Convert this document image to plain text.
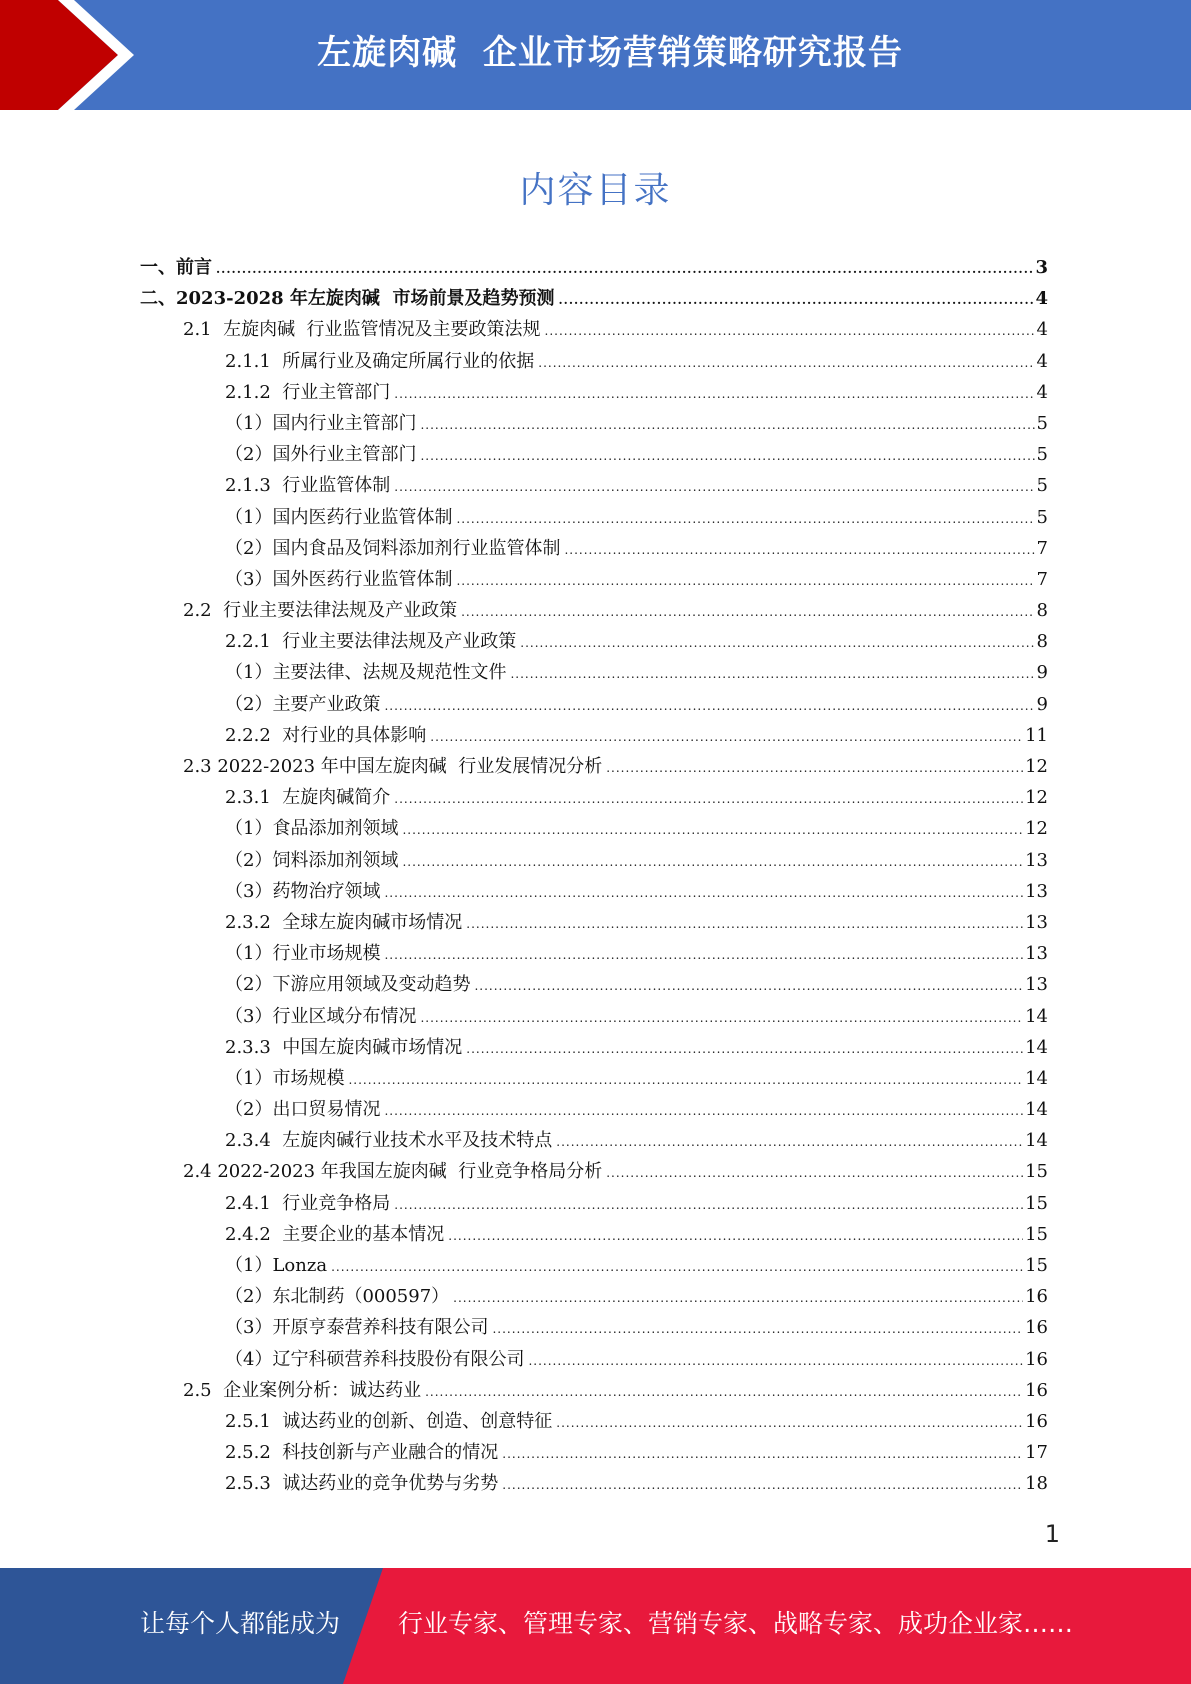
左旋肉碱  企业市场营销策略研究报告
内容目录
一、前言 .....	3
二、2023-2028 年左旋肉碱  市场前景及趋势预测 .....	4
2.1  左旋肉碱  行业监管情况及主要政策法规 .....	4
2.1.1  所属行业及确定所属行业的依据 .....	4
2.1.2  行业主管部门 .....	4
（1）国内行业主管部门 .....	5
（2）国外行业主管部门 .....	5
2.1.3  行业监管体制 .....	5
（1）国内医药行业监管体制 .....	5
（2）国内食品及饲料添加剂行业监管体制 .....	7
（3）国外医药行业监管体制 .....	7
2.2  行业主要法律法规及产业政策 .....	8
2.2.1  行业主要法律法规及产业政策 .....	8
（1）主要法律、法规及规范性文件 .....	9
（2）主要产业政策 .....	9
2.2.2  对行业的具体影响 .....	11
2.3 2022-2023 年中国左旋肉碱  行业发展情况分析 .....	12
2.3.1  左旋肉碱简介 .....	12
（1）食品添加剂领域 .....	12
（2）饲料添加剂领域 .....	13
（3）药物治疗领域 .....	13
2.3.2  全球左旋肉碱市场情况 .....	13
（1）行业市场规模 .....	13
（2）下游应用领域及变动趋势 .....	13
（3）行业区域分布情况 .....	14
2.3.3  中国左旋肉碱市场情况 .....	14
（1）市场规模 .....	14
（2）出口贸易情况 .....	14
2.3.4  左旋肉碱行业技术水平及技术特点 .....	14
2.4 2022-2023 年我国左旋肉碱  行业竞争格局分析 .....	15
2.4.1  行业竞争格局 .....	15
2.4.2  主要企业的基本情况 .....	15
（1）Lonza .....	15
（2）东北制药（000597） .....	16
（3）开原亨泰营养科技有限公司 .....	16
（4）辽宁科硕营养科技股份有限公司 .....	16
2.5  企业案例分析：诚达药业 .....	16
2.5.1  诚达药业的创新、创造、创意特征 .....	16
2.5.2  科技创新与产业融合的情况 .....	17
2.5.3  诚达药业的竞争优势与劣势 .....	18
1
让每个人都能成为 行业专家、管理专家、营销专家、战略专家、成功企业家……
